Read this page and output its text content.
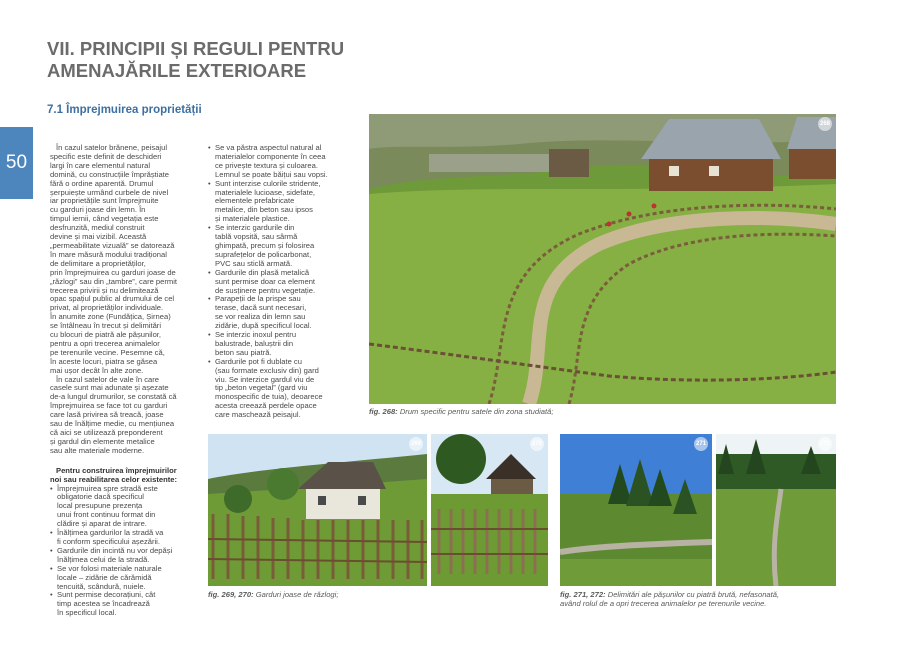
VII. PRINCIPII ȘI REGULI PENTRU
AMENAJĂRILE EXTERIOARE
7.1 Împrejmuirea proprietății
50

În cazul satelor brănene, peisajul
specific este definit de deschideri
largi în care elementul natural
domină, cu construcțiile împrăștiate
fără o ordine aparentă. Drumul
șerpuiește urmând curbele de nivel
iar proprietățile sunt împrejmuite
cu garduri joase din lemn. În
timpul iernii, când vegetația este
desfrunzită, mediul construit
devine și mai vizibil. Această
„permeabilitate vizuală” se datorează
în mare măsură modului tradițional
de delimitare a proprietăților,
prin împrejmuirea cu garduri joase de
„răzlogi” sau din „tambre”, care permit
trecerea privirii și nu delimitează
opac spațiul public al drumului de cel
privat, al proprietăților individuale.
În anumite zone (Fundățica, Șirnea)
se întâlneau în trecut și delimitări
cu blocuri de piatră ale pășunilor,
pentru a opri trecerea animalelor
pe terenurile vecine. Pesemne că,
în aceste locuri, piatra se găsea
mai ușor decât în alte zone.

În cazul satelor de vale în care
casele sunt mai adunate și așezate
de-a lungul drumurilor, se constată că
împrejmuirea se face tot cu garduri
care lasă privirea să treacă, joase
sau de înălțime medie, cu mențiunea
că aici se utilizează preponderent
și gardul din elemente metalice
sau alte materiale moderne.

Pentru construirea împrejmuirilor
noi sau reabilitarea celor existente:

• Împrejmuirea spre stradă este
obligatorie dacă specificul
local presupune prezența
unui front continuu format din
clădire și aparat de intrare.
• Înălțimea gardurilor la stradă va
fi conform specificului așezării.
• Gardurile din incintă nu vor depăși
înălțimea celui de la stradă.
• Se vor folosi materiale naturale
locale – zidărie de cărămidă
tencuită, scândură, nuiele.
• Sunt permise decorațiuni, cât
timp acestea se încadrează
în specificul local.
• Se va păstra aspectul natural al
materialelor componente în ceea
ce privește textura și culoarea.
Lemnul se poate băițui sau vopsi.
• Sunt interzise culorile stridente,
materialele lucioase, sidefate,
elementele prefabricate
metalice, din beton sau ipsos
și materialele plastice.
• Se interzic gardurile din
tablă vopsită, sau sârmă
ghimpată, precum și folosirea
suprafețelor de policarbonat,
PVC sau sticlă armată.
• Gardurile din plasă metalică
sunt permise doar ca element
de susținere pentru vegetație.
• Parapeții de la prispe sau
terase, dacă sunt necesari,
se vor realiza din lemn sau
zidărie, după specificul local.
• Se interzic inoxul pentru
balustrade, baluștrii din
beton sau piatră.
• Gardurile pot fi dublate cu
(sau formate exclusiv din) gard
viu. Se interzice gardul viu de
tip „beton vegetal” (gard viu
monospecific de tuia), deoarece
acesta creează perdele opace
care maschează peisajul.
268
fig. 268: Drum specific pentru satele din zona studiată;
269	270
fig. 269, 270: Garduri joase de răzlogi;
271	272
fig. 271, 272: Delimitări ale pășunilor cu piatră brută, nefasonată,
având rolul de a opri trecerea animalelor pe terenurile vecine.
